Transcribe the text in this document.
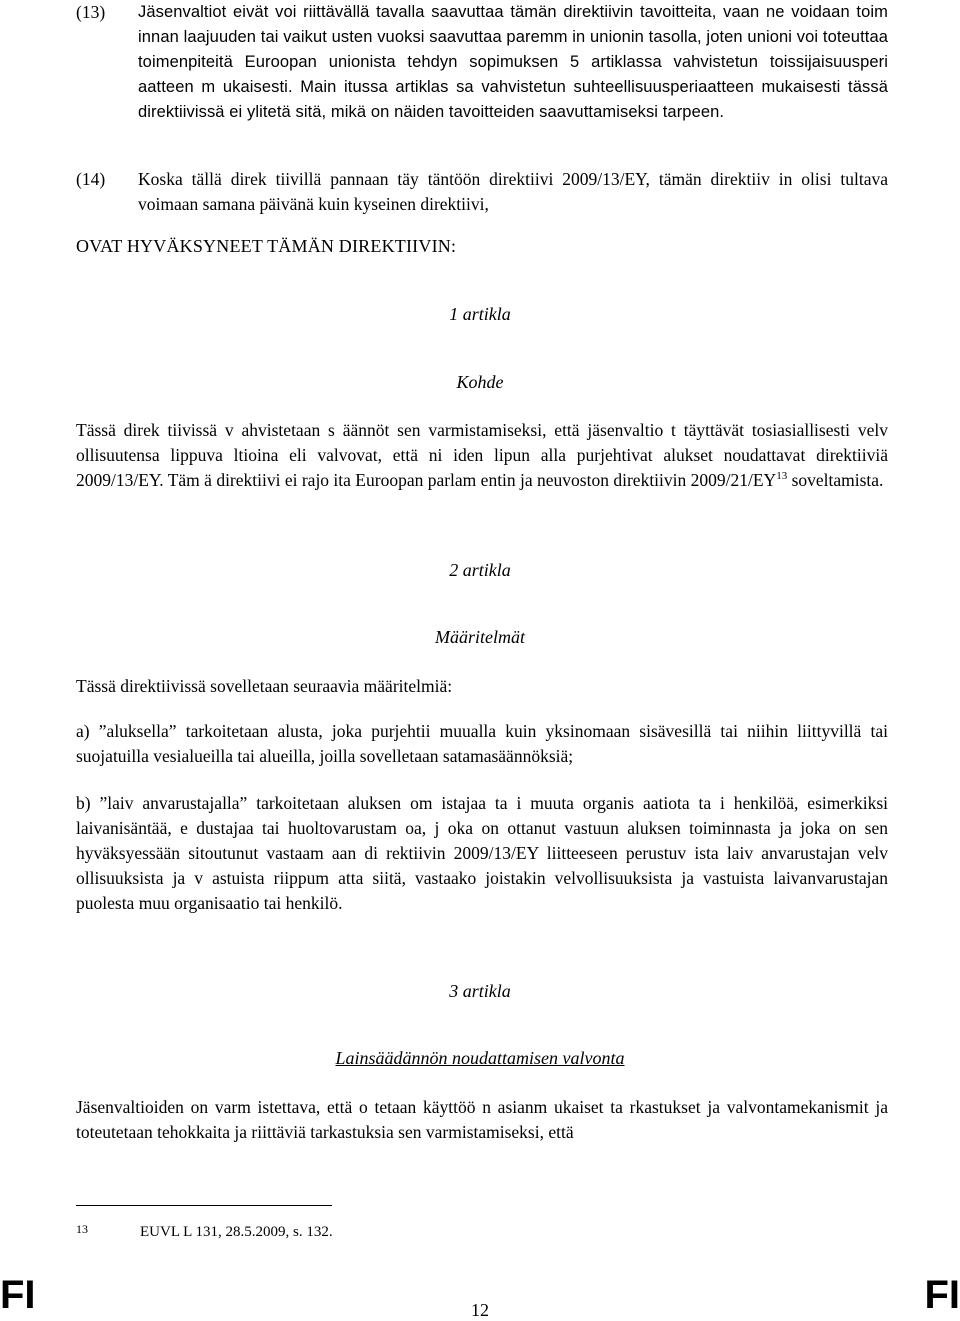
(13)	Jäsenvaltiot eivät voi riittävällä tavalla saavuttaa tämän direktiivin tavoitteita, vaan ne voidaan toim innan laajuuden tai vaikut usten vuoksi saavuttaa paremm in unionin tasolla, joten unioni voi toteuttaa toimenpiteitä Euroopan unionista tehdyn sopimuksen 5 artiklassa vahvistetun toissijaisuusperi aatteen m ukaisesti. Main itussa artiklas sa vahvistetun suhteellisuusperiaatteen mukaisesti tässä direktiivissä ei ylitetä sitä, mikä on näiden tavoitteiden saavuttamiseksi tarpeen.
(14)	Koska tällä direk tiivillä pannaan täy täntöön direktiivi 2009/13/EY, tämän direktiiv in olisi tultava voimaan samana päivänä kuin kyseinen direktiivi,
OVAT HYVÄKSYNEET TÄMÄN DIREKTIIVIN:
1 artikla
Kohde
Tässä direk tiivissä v ahvistetaan s äännöt sen varmistamiseksi, että jäsenvaltio t täyttävät tosiasiallisesti velv ollisuutensa lippuva ltioina eli valvovat, että ni iden lipun alla purjehtivat alukset noudattavat direktiiviä 2009/13/EY. Täm ä direktiivi ei rajo ita Euroopan parlam entin ja neuvoston direktiivin 2009/21/EY$^{13}$ soveltamista.
2 artikla
Määritelmät
Tässä direktiivissä sovelletaan seuraavia määritelmiä:
a) ”aluksella” tarkoitetaan alusta, joka purjehtii muualla kuin yksinomaan sisävesillä tai niihin liittyvillä tai suojatuilla vesialueilla tai alueilla, joilla sovelletaan satamasäännöksiä;
b) ”laiv anvarustajalla” tarkoitetaan aluksen om istajaa ta i muuta organis aatiota ta i henkilöä, esimerkiksi laivanisäntää, e dustajaa tai huoltovarustam oa, j oka on ottanut vastuun aluksen toiminnasta ja joka on sen hyväksyessään sitoutunut vastaam aan di rektiivin 2009/13/EY liitteeseen perustuv ista laiv anvarustajan velv ollisuuksista ja v astuista riippum atta siitä, vastaako joistakin velvollisuuksista ja vastuista laivanvarustajan puolesta muu organisaatio tai henkilö.
3 artikla
Lainsäädännön noudattamisen valvonta
Jäsenvaltioiden on varm istettava, että o tetaan käyttöö n asianm ukaiset ta rkastukset ja valvontamekanismit ja toteutetaan tehokkaita ja riittäviä tarkastuksia sen varmistamiseksi, että
13	EUVL L 131, 28.5.2009, s. 132.
FI	12	FI
